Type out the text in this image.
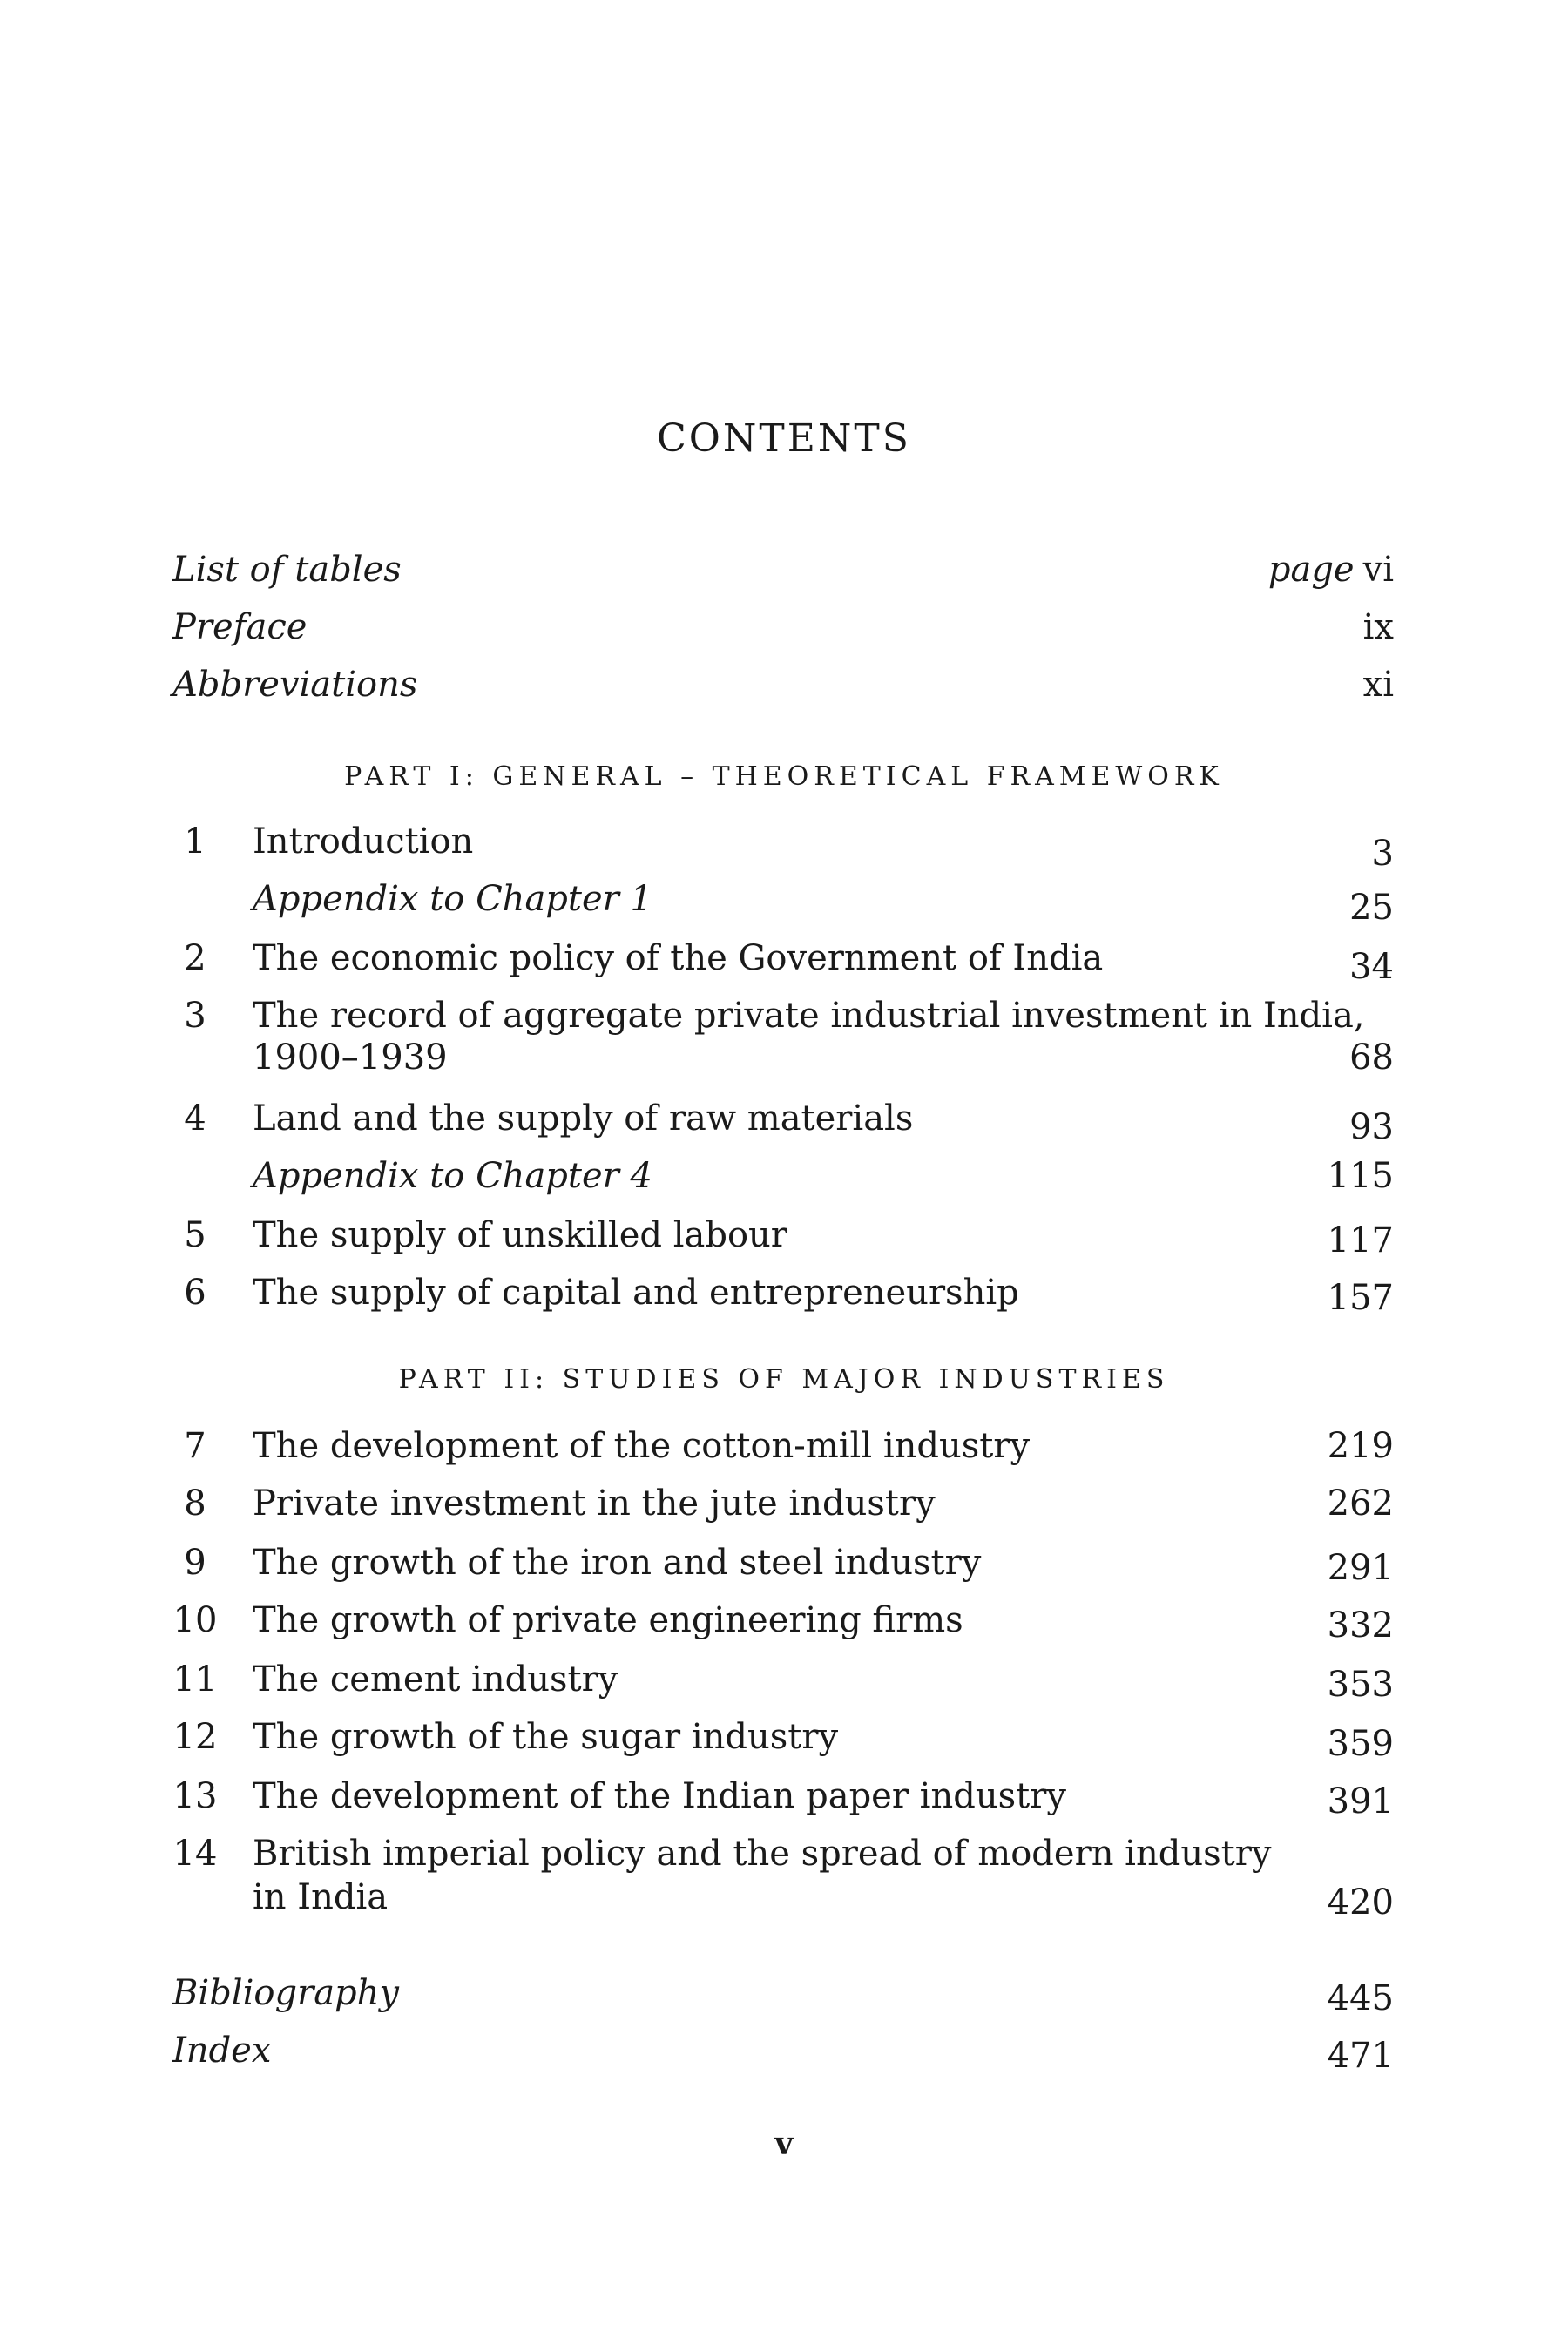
CONTENTS
List of tables	page vi
Preface	ix
Abbreviations	xi
PART I: GENERAL – THEORETICAL FRAMEWORK
1	Introduction	3
Appendix to Chapter 1	25
2	The economic policy of the Government of India	34
3	The record of aggregate private industrial investment in India,
1900–1939	68
4	Land and the supply of raw materials	93
Appendix to Chapter 4	115
5	The supply of unskilled labour	117
6	The supply of capital and entrepreneurship	157
PART II: STUDIES OF MAJOR INDUSTRIES
7	The development of the cotton-mill industry	219
8	Private investment in the jute industry	262
9	The growth of the iron and steel industry	291
10	The growth of private engineering firms	332
11	The cement industry	353
12	The growth of the sugar industry	359
13	The development of the Indian paper industry	391
14	British imperial policy and the spread of modern industry
in India	420
Bibliography	445
Index	471
v
